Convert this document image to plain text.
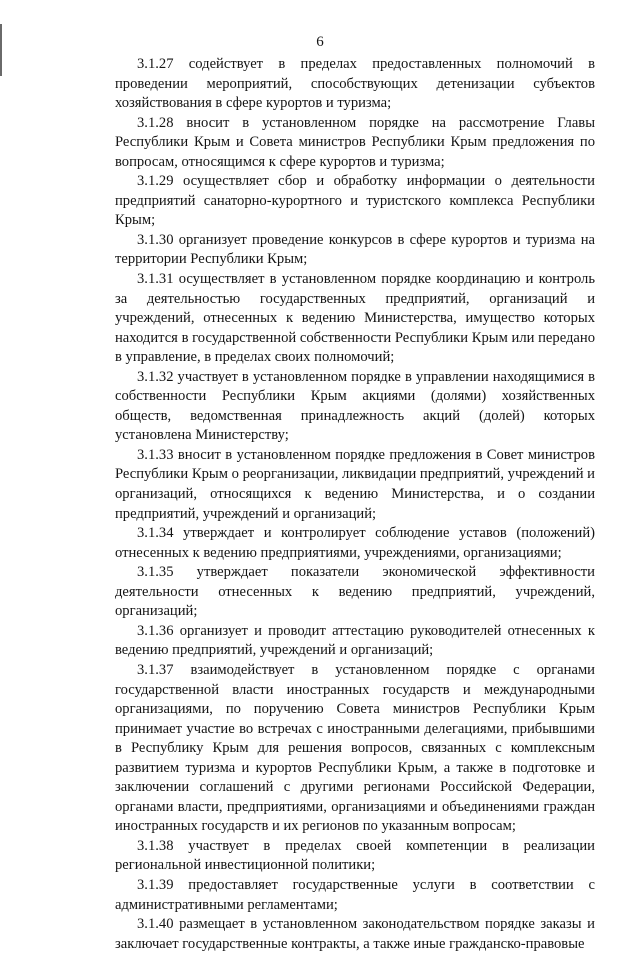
6

3.1.27 содействует в пределах предоставленных полномочий в проведении мероприятий, способствующих детенизации субъектов хозяйствования в сфере курортов и туризма;

3.1.28 вносит в установленном порядке на рассмотрение Главы Республики Крым и Совета министров Республики Крым предложения по вопросам, относящимся к сфере курортов и туризма;

3.1.29 осуществляет сбор и обработку информации о деятельности предприятий санаторно-курортного и туристского комплекса Республики Крым;

3.1.30 организует проведение конкурсов в сфере курортов и туризма на территории Республики Крым;

3.1.31 осуществляет в установленном порядке координацию и контроль за деятельностью государственных предприятий, организаций и учреждений, отнесенных к ведению Министерства, имущество которых находится в государственной собственности Республики Крым или передано в управление, в пределах своих полномочий;

3.1.32 участвует в установленном порядке в управлении находящимися в собственности Республики Крым акциями (долями) хозяйственных обществ, ведомственная принадлежность акций (долей) которых установлена Министерству;

3.1.33 вносит в установленном порядке предложения в Совет министров Республики Крым о реорганизации, ликвидации предприятий, учреждений и организаций, относящихся к ведению Министерства, и о создании предприятий, учреждений и организаций;

3.1.34 утверждает и контролирует соблюдение уставов (положений) отнесенных к ведению предприятиями, учреждениями, организациями;

3.1.35 утверждает показатели экономической эффективности деятельности отнесенных к ведению предприятий, учреждений, организаций;

3.1.36 организует и проводит аттестацию руководителей отнесенных к ведению предприятий, учреждений и организаций;

3.1.37 взаимодействует в установленном порядке с органами государственной власти иностранных государств и международными организациями, по поручению Совета министров Республики Крым принимает участие во встречах с иностранными делегациями, прибывшими в Республику Крым для решения вопросов, связанных с комплексным развитием туризма и курортов Республики Крым, а также в подготовке и заключении соглашений с другими регионами Российской Федерации, органами власти, предприятиями, организациями и объединениями граждан иностранных государств и их регионов по указанным вопросам;

3.1.38 участвует в пределах своей компетенции в реализации региональной инвестиционной политики;

3.1.39 предоставляет государственные услуги в соответствии с административными регламентами;

3.1.40 размещает в установленном законодательством порядке заказы и заключает государственные контракты, а также иные гражданско-правовые
